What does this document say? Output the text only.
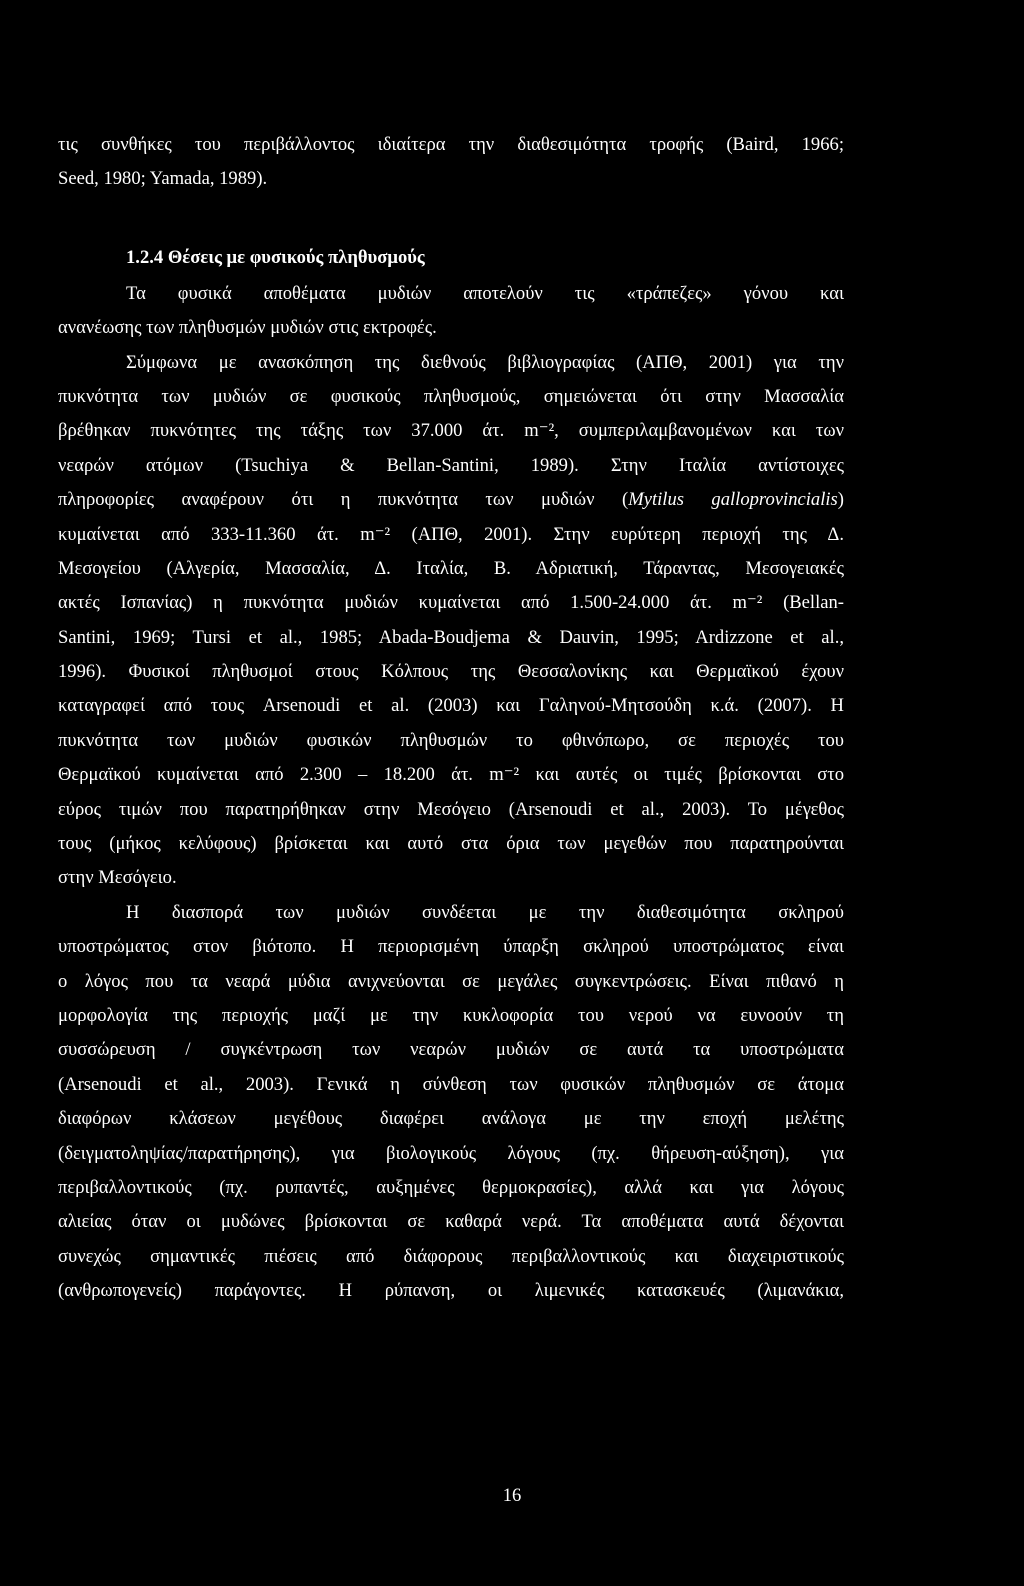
τις συνθήκες του περιβάλλοντος ιδιαίτερα την διαθεσιμότητα τροφής (Baird, 1966;
Seed, 1980; Yamada, 1989).
1.2.4 Θέσεις με φυσικούς πληθυσμούς
Τα φυσικά αποθέματα μυδιών αποτελούν τις «τράπεζες» γόνου και
ανανέωσης των πληθυσμών μυδιών στις εκτροφές.
Σύμφωνα με ανασκόπηση της διεθνούς βιβλιογραφίας (ΑΠΘ, 2001) για την
πυκνότητα των μυδιών σε φυσικούς πληθυσμούς, σημειώνεται ότι στην Μασσαλία
βρέθηκαν πυκνότητες της τάξης των 37.000 άτ. m⁻², συμπεριλαμβανομένων και των
νεαρών ατόμων (Tsuchiya & Bellan-Santini, 1989). Στην Ιταλία αντίστοιχες
πληροφορίες αναφέρουν ότι η πυκνότητα των μυδιών (Mytilus galloprovincialis)
κυμαίνεται από 333-11.360 άτ. m⁻² (ΑΠΘ, 2001). Στην ευρύτερη περιοχή της Δ.
Μεσογείου (Αλγερία, Μασσαλία, Δ. Ιταλία, Β. Αδριατική, Τάραντας, Μεσογειακές
ακτές Ισπανίας) η πυκνότητα μυδιών κυμαίνεται από 1.500-24.000 άτ. m⁻² (Bellan-
Santini, 1969; Tursi et al., 1985; Abada-Boudjema & Dauvin, 1995; Ardizzone et al.,
1996). Φυσικοί πληθυσμοί στους Κόλπους της Θεσσαλονίκης και Θερμαϊκού έχουν
καταγραφεί από τους Arsenoudi et al. (2003) και Γαληνού-Μητσούδη κ.ά. (2007). Η
πυκνότητα των μυδιών φυσικών πληθυσμών το φθινόπωρο, σε περιοχές του
Θερμαϊκού κυμαίνεται από 2.300 – 18.200 άτ. m⁻² και αυτές οι τιμές βρίσκονται στο
εύρος τιμών που παρατηρήθηκαν στην Μεσόγειο (Arsenoudi et al., 2003). Το μέγεθος
τους (μήκος κελύφους) βρίσκεται και αυτό στα όρια των μεγεθών που παρατηρούνται
στην Μεσόγειο.
Η διασπορά των μυδιών συνδέεται με την διαθεσιμότητα σκληρού
υποστρώματος στον βιότοπο. Η περιορισμένη ύπαρξη σκληρού υποστρώματος είναι
ο λόγος που τα νεαρά μύδια ανιχνεύονται σε μεγάλες συγκεντρώσεις. Είναι πιθανό η
μορφολογία της περιοχής μαζί με την κυκλοφορία του νερού να ευνοούν τη
συσσώρευση / συγκέντρωση των νεαρών μυδιών σε αυτά τα υποστρώματα
(Arsenoudi et al., 2003). Γενικά η σύνθεση των φυσικών πληθυσμών σε άτομα
διαφόρων κλάσεων μεγέθους διαφέρει ανάλογα με την εποχή μελέτης
(δειγματοληψίας/παρατήρησης), για βιολογικούς λόγους (πχ. θήρευση-αύξηση), για
περιβαλλοντικούς (πχ. ρυπαντές, αυξημένες θερμοκρασίες), αλλά και για λόγους
αλιείας όταν οι μυδώνες βρίσκονται σε καθαρά νερά. Τα αποθέματα αυτά δέχονται
συνεχώς σημαντικές πιέσεις από διάφορους περιβαλλοντικούς και διαχειριστικούς
(ανθρωπογενείς) παράγοντες. Η ρύπανση, οι λιμενικές κατασκευές (λιμανάκια,
16
